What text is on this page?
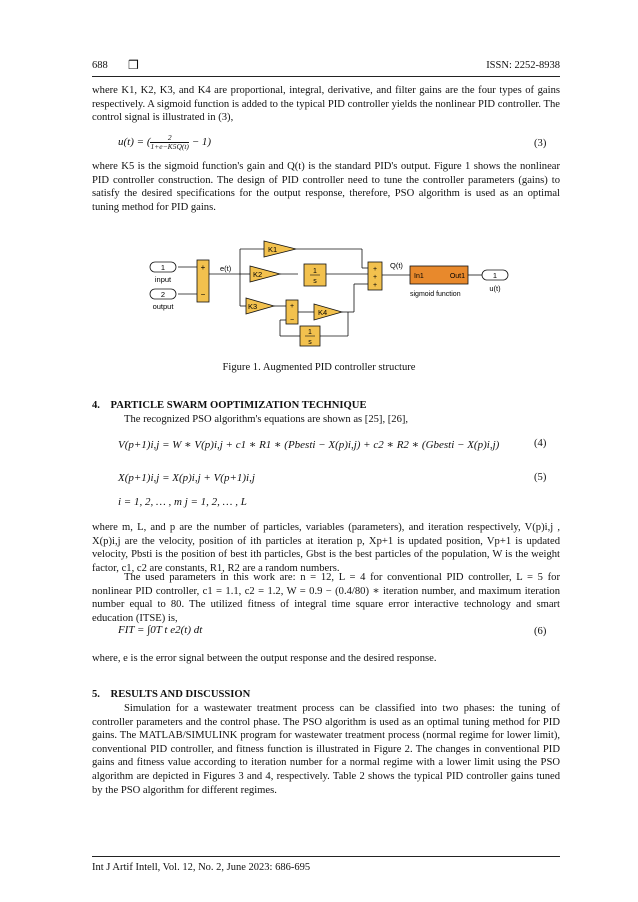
688 ❒	ISSN: 2252-8938
where K1, K2, K3, and K4 are proportional, integral, derivative, and filter gains are the four types of gains respectively. A sigmoid function is added to the typical PID controller yields the nonlinear PID controller. The control signal is illustrated in (3),
u(t) = ( $\frac{2}{1+e-K5Q(t)} - 1$)	(3)
where K5 is the sigmoid function's gain and Q(t) is the standard PID's output. Figure 1 shows the nonlinear PID controller construction. The design of PID controller need to tune the controller parameters (gains) to satisfy the desired specifications for the output response, therefore, PSO algorithm is used as an optimal tuning method for PID gains.
1
input
2
output
+
−
e(t)
K1
K2	1
s
K3	+
−
K4
1
s
+
+
+
Q(t)
In1	Out1
sigmoid function
1
u(t)
Figure 1. Augmented PID controller structure
4.    PARTICLE SWARM OOPTIMIZATION TECHNIQUE
The recognized PSO algorithm's equations are shown as [25], [26],
V(p+1)i,j = W ∗ V(p)i,j + c1 ∗ R1 ∗ (Pbesti − X(p)i,j) + c2 ∗ R2 ∗ (Gbesti − X(p)i,j)	(4)
X(p+1)i,j = X(p)i,j + V(p+1)i,j	(5)
i = 1, 2, … , m j = 1, 2, … , L
where m, L, and p are the number of particles, variables (parameters), and iteration respectively, V(p)i,j , X(p)i,j are the velocity, position of ith particles at iteration p, Xp+1 is updated position, Vp+1 is updated velocity, Pbsti is the position of best ith particles, Gbst is the best particles of the population, W is the weight factor, c1, c2 are constants, R1, R2 are a random numbers.
The used parameters in this work are: n = 12, L = 4 for conventional PID controller, L = 5 for nonlinear PID controller, c1 = 1.1, c2 = 1.2, W = 0.9 − (0.4/80) ∗ iteration number, and maximum iteration number equal to 80. The utilized fitness of integral time square error interactive technology and smart education (ITSE) is,
FIT = ∫0T t e2(t) dt	(6)
where, e is the error signal between the output response and the desired response.
5.    RESULTS AND DISCUSSION
Simulation for a wastewater treatment process can be classified into two phases: the tuning of controller parameters and the control phase. The PSO algorithm is used as an optimal tuning method for PID gains. The MATLAB/SIMULINK program for wastewater treatment process (normal regime for lower limit), conventional PID controller, and fitness function is illustrated in Figure 2. The changes in conventional PID gains and fitness value according to iteration number for a normal regime with a lower limit using the PSO algorithm are depicted in Figures 3 and 4, respectively. Table 2 shows the typical PID controller gains tuned by the PSO algorithm for different regimes.
Int J Artif Intell, Vol. 12, No. 2, June 2023: 686-695
